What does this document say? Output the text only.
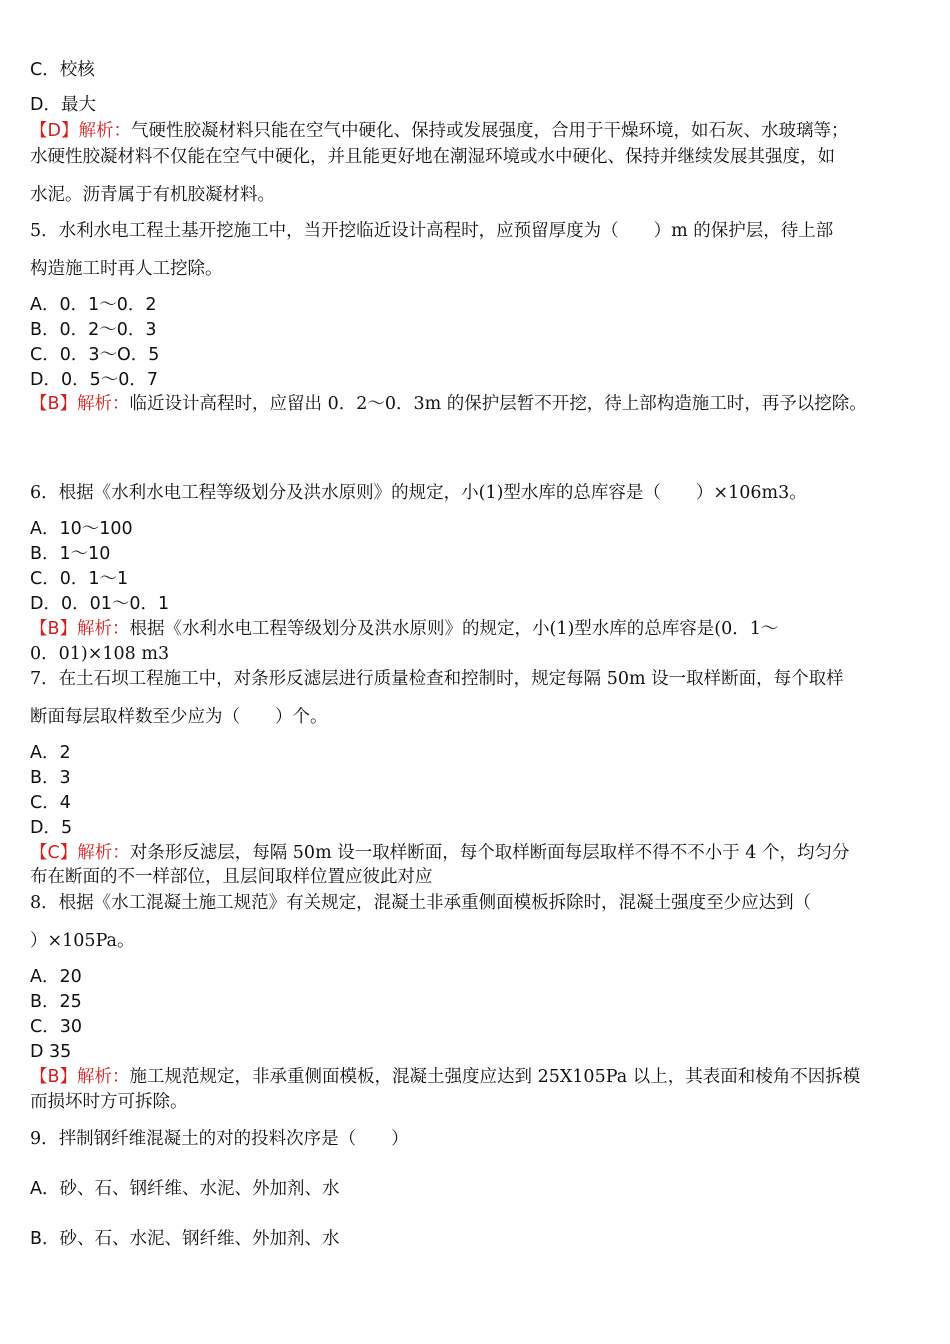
C．校核
D．最大
【D】解析：气硬性胶凝材料只能在空气中硬化、保持或发展强度，合用于干燥环境，如石灰、水玻璃等；
水硬性胶凝材料不仅能在空气中硬化，并且能更好地在潮湿环境或水中硬化、保持并继续发展其强度，如
水泥。沥青属于有机胶凝材料。
5．水利水电工程土基开挖施工中，当开挖临近设计高程时，应预留厚度为（　　）m 的保护层，待上部
构造施工时再人工挖除。
A．0．1～0．2
B．0．2～0．3
C．0．3～O．5
D．0．5～0．7
【B】解析：临近设计高程时，应留出 0．2～0．3m 的保护层暂不开挖，待上部构造施工时，再予以挖除。
6．根据《水利水电工程等级划分及洪水原则》的规定，小(1)型水库的总库容是（　　）×106m3。
A．10～100
B．1～10
C．0．1～1
D．0．01～0．1
【B】解析：根据《水利水电工程等级划分及洪水原则》的规定，小(1)型水库的总库容是(0．1～
0．01)×108 m3
7．在土石坝工程施工中，对条形反滤层进行质量检查和控制时，规定每隔 50m 设一取样断面，每个取样
断面每层取样数至少应为（　　）个。
A．2
B．3
C．4
D．5
【C】解析：对条形反滤层，每隔 50m 设一取样断面，每个取样断面每层取样不得不不小于 4 个，均匀分
布在断面的不一样部位，且层间取样位置应彼此对应
8．根据《水工混凝土施工规范》有关规定，混凝土非承重侧面模板拆除时，混凝土强度至少应达到（
）×105Pa。
A．20
B．25
C．30
D 35
【B】解析：施工规范规定，非承重侧面模板，混凝土强度应达到 25X105Pa 以上，其表面和棱角不因拆模
而损坏时方可拆除。
9．拌制钢纤维混凝土的对的投料次序是（　　）
A．砂、石、钢纤维、水泥、外加剂、水
B．砂、石、水泥、钢纤维、外加剂、水
